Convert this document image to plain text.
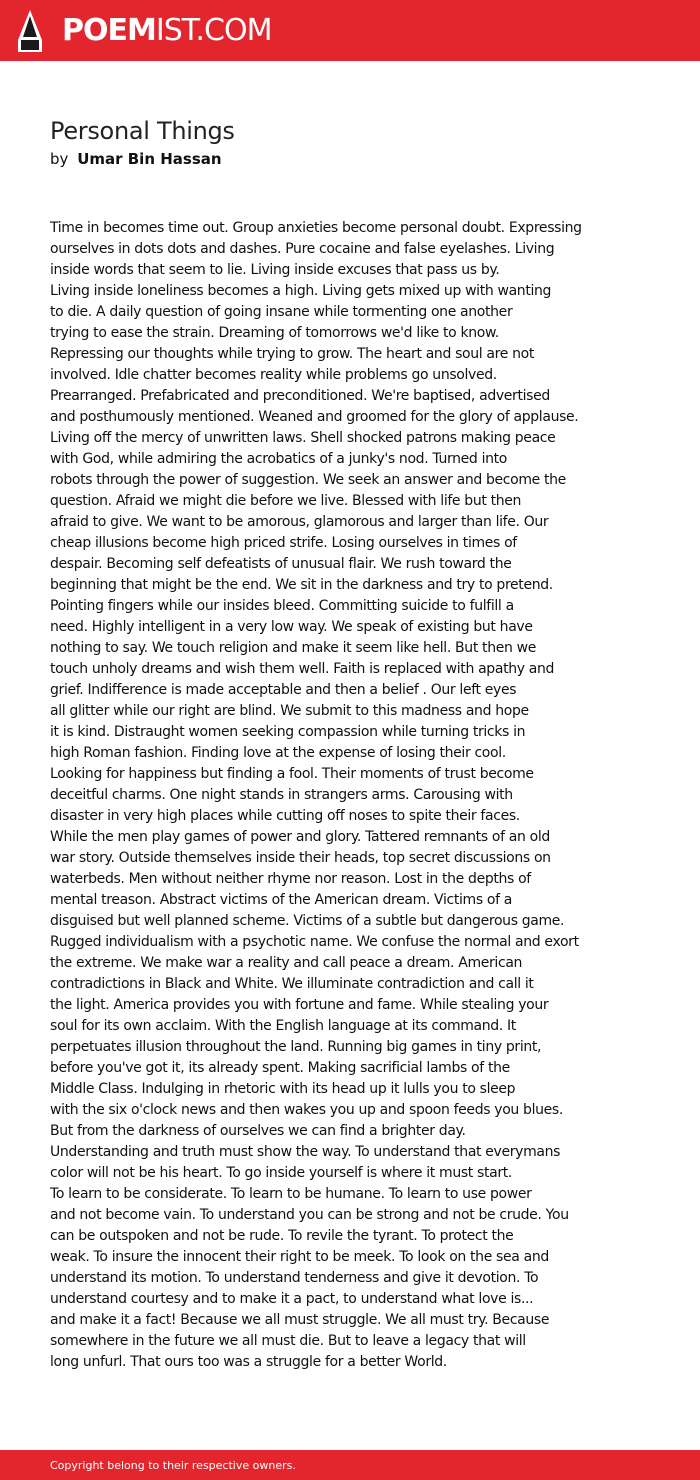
POEMIST.COM
Personal Things
by Umar Bin Hassan
Time in becomes time out. Group anxieties become personal doubt. Expressing
ourselves in dots dots and dashes. Pure cocaine and false eyelashes. Living
inside words that seem to lie. Living inside excuses that pass us by.
Living inside loneliness becomes a high. Living gets mixed up with wanting
to die. A daily question of going insane while tormenting one another
trying to ease the strain. Dreaming of tomorrows we'd like to know.
Repressing our thoughts while trying to grow. The heart and soul are not
involved. Idle chatter becomes reality while problems go unsolved.
Prearranged. Prefabricated and preconditioned. We're baptised, advertised
and posthumously mentioned. Weaned and groomed for the glory of applause.
Living off the mercy of unwritten laws. Shell shocked patrons making peace
with God, while admiring the acrobatics of a junky's nod. Turned into
robots through the power of suggestion. We seek an answer and become the
question. Afraid we might die before we live. Blessed with life but then
afraid to give. We want to be amorous, glamorous and larger than life. Our
cheap illusions become high priced strife. Losing ourselves in times of
despair. Becoming self defeatists of unusual flair. We rush toward the
beginning that might be the end. We sit in the darkness and try to pretend.
Pointing fingers while our insides bleed. Committing suicide to fulfill a
need. Highly intelligent in a very low way. We speak of existing but have
nothing to say. We touch religion and make it seem like hell. But then we
touch unholy dreams and wish them well. Faith is replaced with apathy and
grief. Indifference is made acceptable and then a belief . Our left eyes
all glitter while our right are blind. We submit to this madness and hope
it is kind. Distraught women seeking compassion while turning tricks in
high Roman fashion. Finding love at the expense of losing their cool.
Looking for happiness but finding a fool. Their moments of trust become
deceitful charms. One night stands in strangers arms. Carousing with
disaster in very high places while cutting off noses to spite their faces.
While the men play games of power and glory. Tattered remnants of an old
war story. Outside themselves inside their heads, top secret discussions on
waterbeds. Men without neither rhyme nor reason. Lost in the depths of
mental treason. Abstract victims of the American dream. Victims of a
disguised but well planned scheme. Victims of a subtle but dangerous game.
Rugged individualism with a psychotic name. We confuse the normal and exort
the extreme. We make war a reality and call peace a dream. American
contradictions in Black and White. We illuminate contradiction and call it
the light. America provides you with fortune and fame. While stealing your
soul for its own acclaim. With the English language at its command. It
perpetuates illusion throughout the land. Running big games in tiny print,
before you've got it, its already spent. Making sacrificial lambs of the
Middle Class. Indulging in rhetoric with its head up it lulls you to sleep
with the six o'clock news and then wakes you up and spoon feeds you blues.
But from the darkness of ourselves we can find a brighter day.
Understanding and truth must show the way. To understand that everymans
color will not be his heart. To go inside yourself is where it must start.
To learn to be considerate. To learn to be humane. To learn to use power
and not become vain. To understand you can be strong and not be crude. You
can be outspoken and not be rude. To revile the tyrant. To protect the
weak. To insure the innocent their right to be meek. To look on the sea and
understand its motion. To understand tenderness and give it devotion. To
understand courtesy and to make it a pact, to understand what love is...
and make it a fact! Because we all must struggle. We all must try. Because
somewhere in the future we all must die. But to leave a legacy that will
long unfurl. That ours too was a struggle for a better World.
Copyright belong to their respective owners.
